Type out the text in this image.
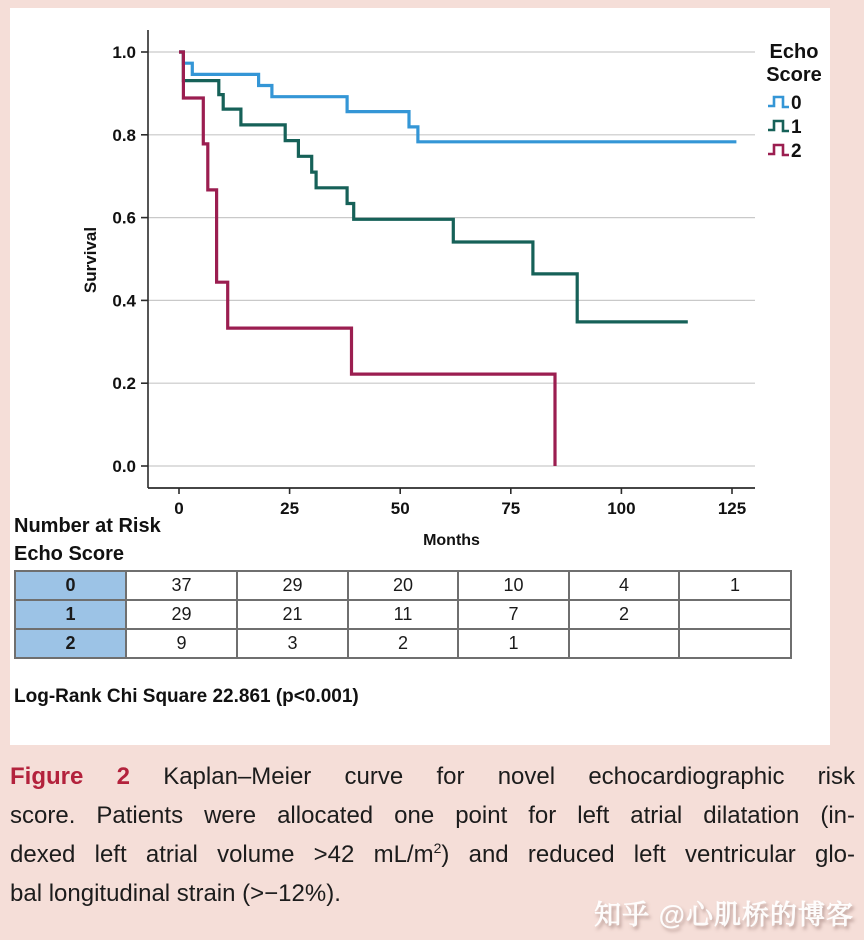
0.0
0.2
0.4
0.6
0.8
1.0
0	25	50	75	100	125
Months
Survival
Echo
Score
0
1
2
Number at Risk
Echo Score
0	37	29	20	10	4	1
1	29	21	11	7	2	
2	9	3	2	1		
Log-Rank Chi Square 22.861 (p<0.001)
Figure 2 Kaplan–Meier curve for novel echocardiographic risk
score. Patients were allocated one point for left atrial dilatation (in-
dexed left atrial volume >42 $mL/m^2$) and reduced left ventricular glo-
bal longitudinal strain (>−12%).
知乎 @心肌桥的博客
